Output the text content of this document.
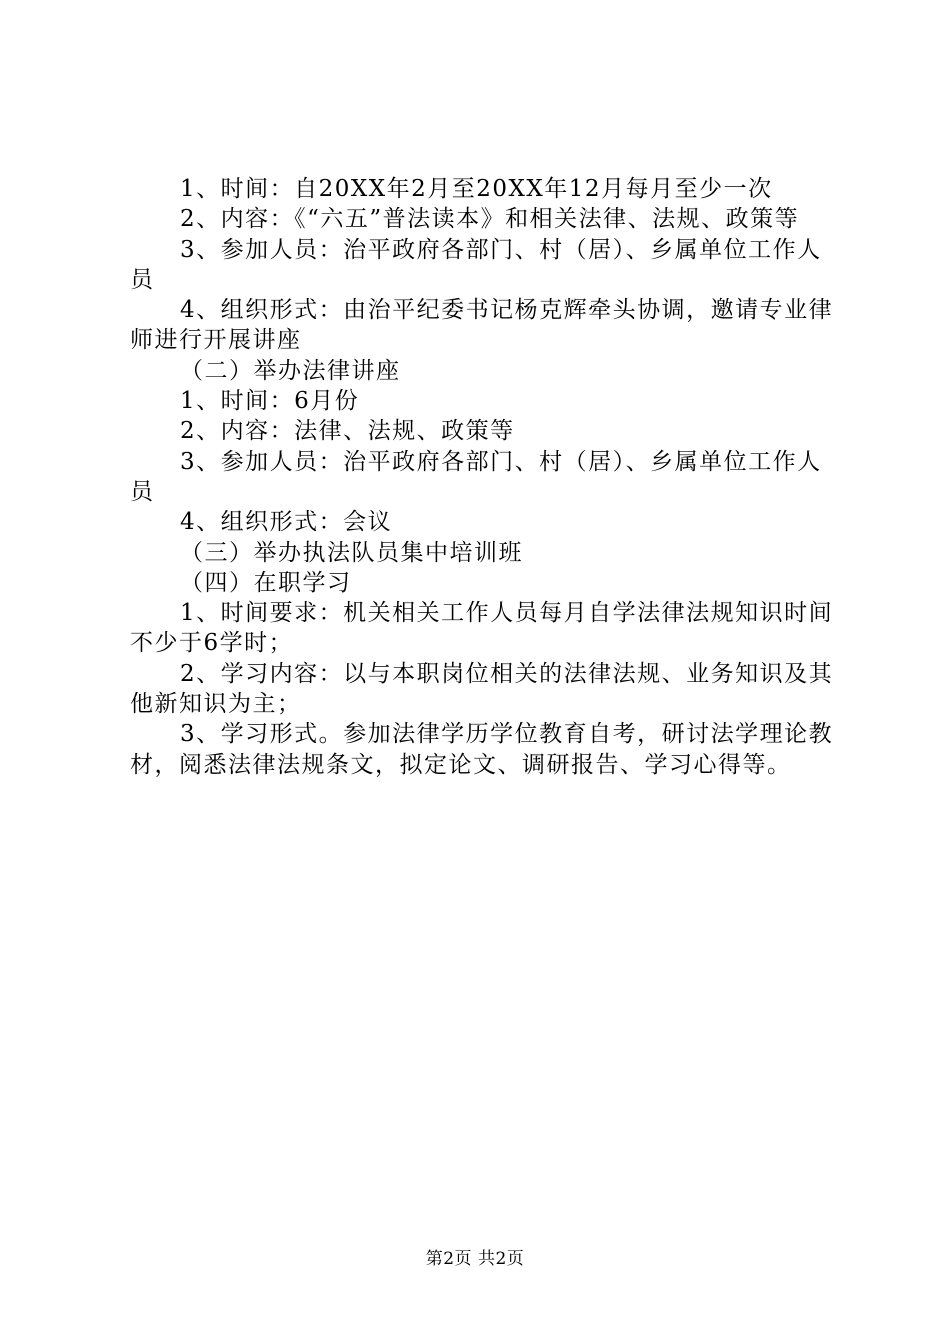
1、时间：自20XX年2月至20XX年12月每月至少一次

2、内容：《“六五”普法读本》和相关法律、法规、政策等

3、参加人员：治平政府各部门、村（居）、乡属单位工作人员

4、组织形式：由治平纪委书记杨克辉牵头协调，邀请专业律师进行开展讲座

（二）举办法律讲座

1、时间：6月份

2、内容：法律、法规、政策等

3、参加人员：治平政府各部门、村（居）、乡属单位工作人员

4、组织形式：会议

（三）举办执法队员集中培训班

（四）在职学习

1、时间要求：机关相关工作人员每月自学法律法规知识时间不少于6学时；

2、学习内容：以与本职岗位相关的法律法规、业务知识及其他新知识为主；

3、学习形式。参加法律学历学位教育自考，研讨法学理论教材，阅悉法律法规条文，拟定论文、调研报告、学习心得等。

第2页 共2页
